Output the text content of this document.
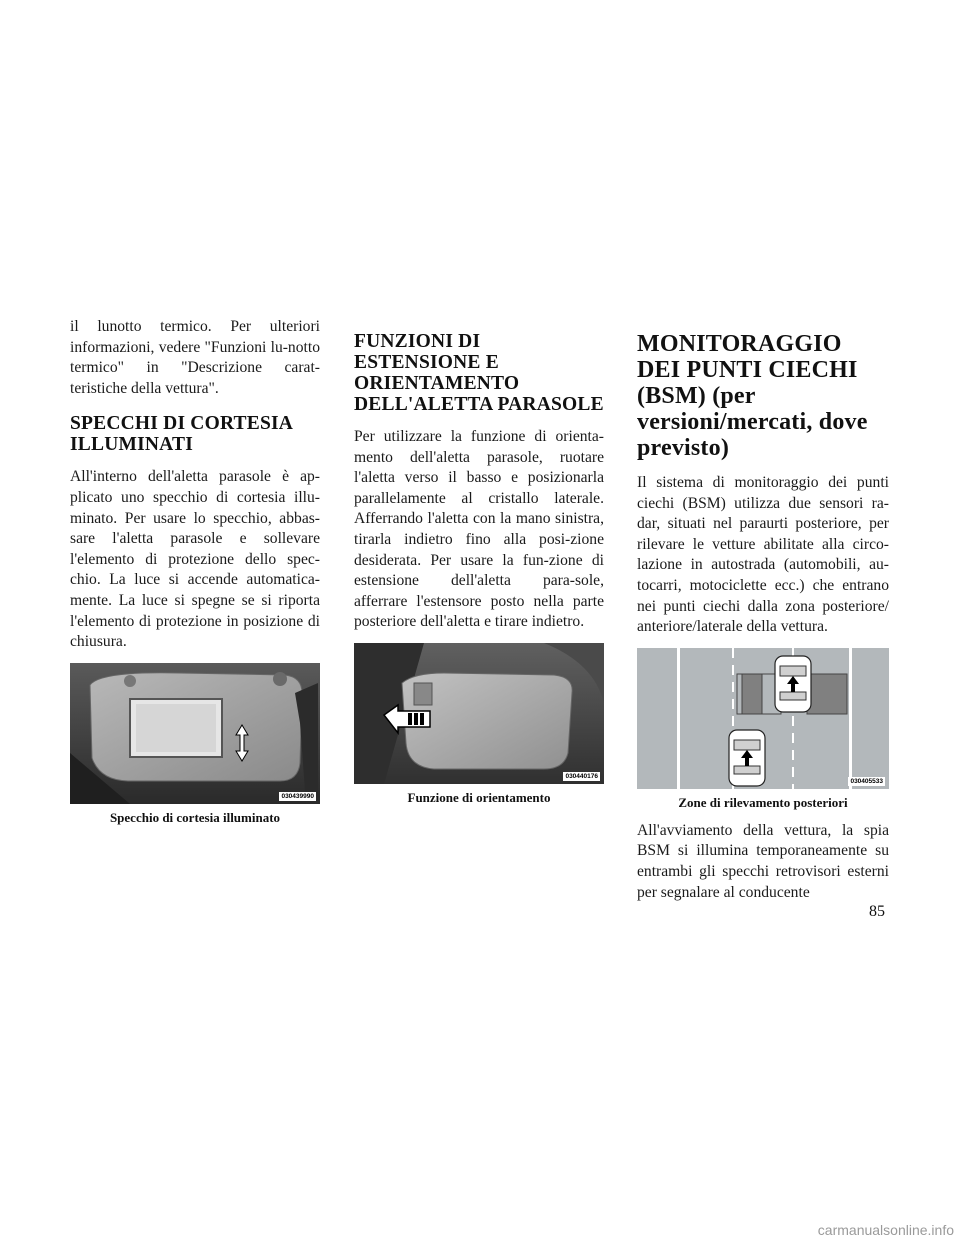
il lunotto termico. Per ulteriori informazioni, vedere "Funzioni lu-notto termico" in "Descrizione carat-teristiche della vettura".

SPECCHI DI CORTESIA ILLUMINATI

All'interno dell'aletta parasole è ap-plicato uno specchio di cortesia illu-minato. Per usare lo specchio, abbas-sare l'aletta parasole e sollevare l'elemento di protezione dello spec-chio. La luce si accende automatica-mente. La luce si spegne se si riporta l'elemento di protezione in posizione di chiusura.

030439990
Specchio di cortesia illuminato
FUNZIONI DI ESTENSIONE E ORIENTAMENTO DELL'ALETTA PARASOLE

Per utilizzare la funzione di orienta-mento dell'aletta parasole, ruotare l'aletta verso il basso e posizionarla parallelamente al cristallo laterale. Afferrando l'aletta con la mano sinistra, tirarla indietro fino alla posi-zione desiderata. Per usare la fun-zione di estensione dell'aletta para-sole, afferrare l'estensore posto nella parte posteriore dell'aletta e tirare indietro.

030440176
Funzione di orientamento
MONITORAGGIO DEI PUNTI CIECHI (BSM) (per versioni/mercati, dove previsto)

Il sistema di monitoraggio dei punti ciechi (BSM) utilizza due sensori ra-dar, situati nel paraurti posteriore, per rilevare le vetture abilitate alla circo-lazione in autostrada (automobili, au-tocarri, motociclette ecc.) che entrano nei punti ciechi dalla zona posteriore/ anteriore/laterale della vettura.

030405533
Zone di rilevamento posteriori

All'avviamento della vettura, la spia BSM si illumina temporaneamente su entrambi gli specchi retrovisori esterni per segnalare al conducente

85
carmanualsonline.info
